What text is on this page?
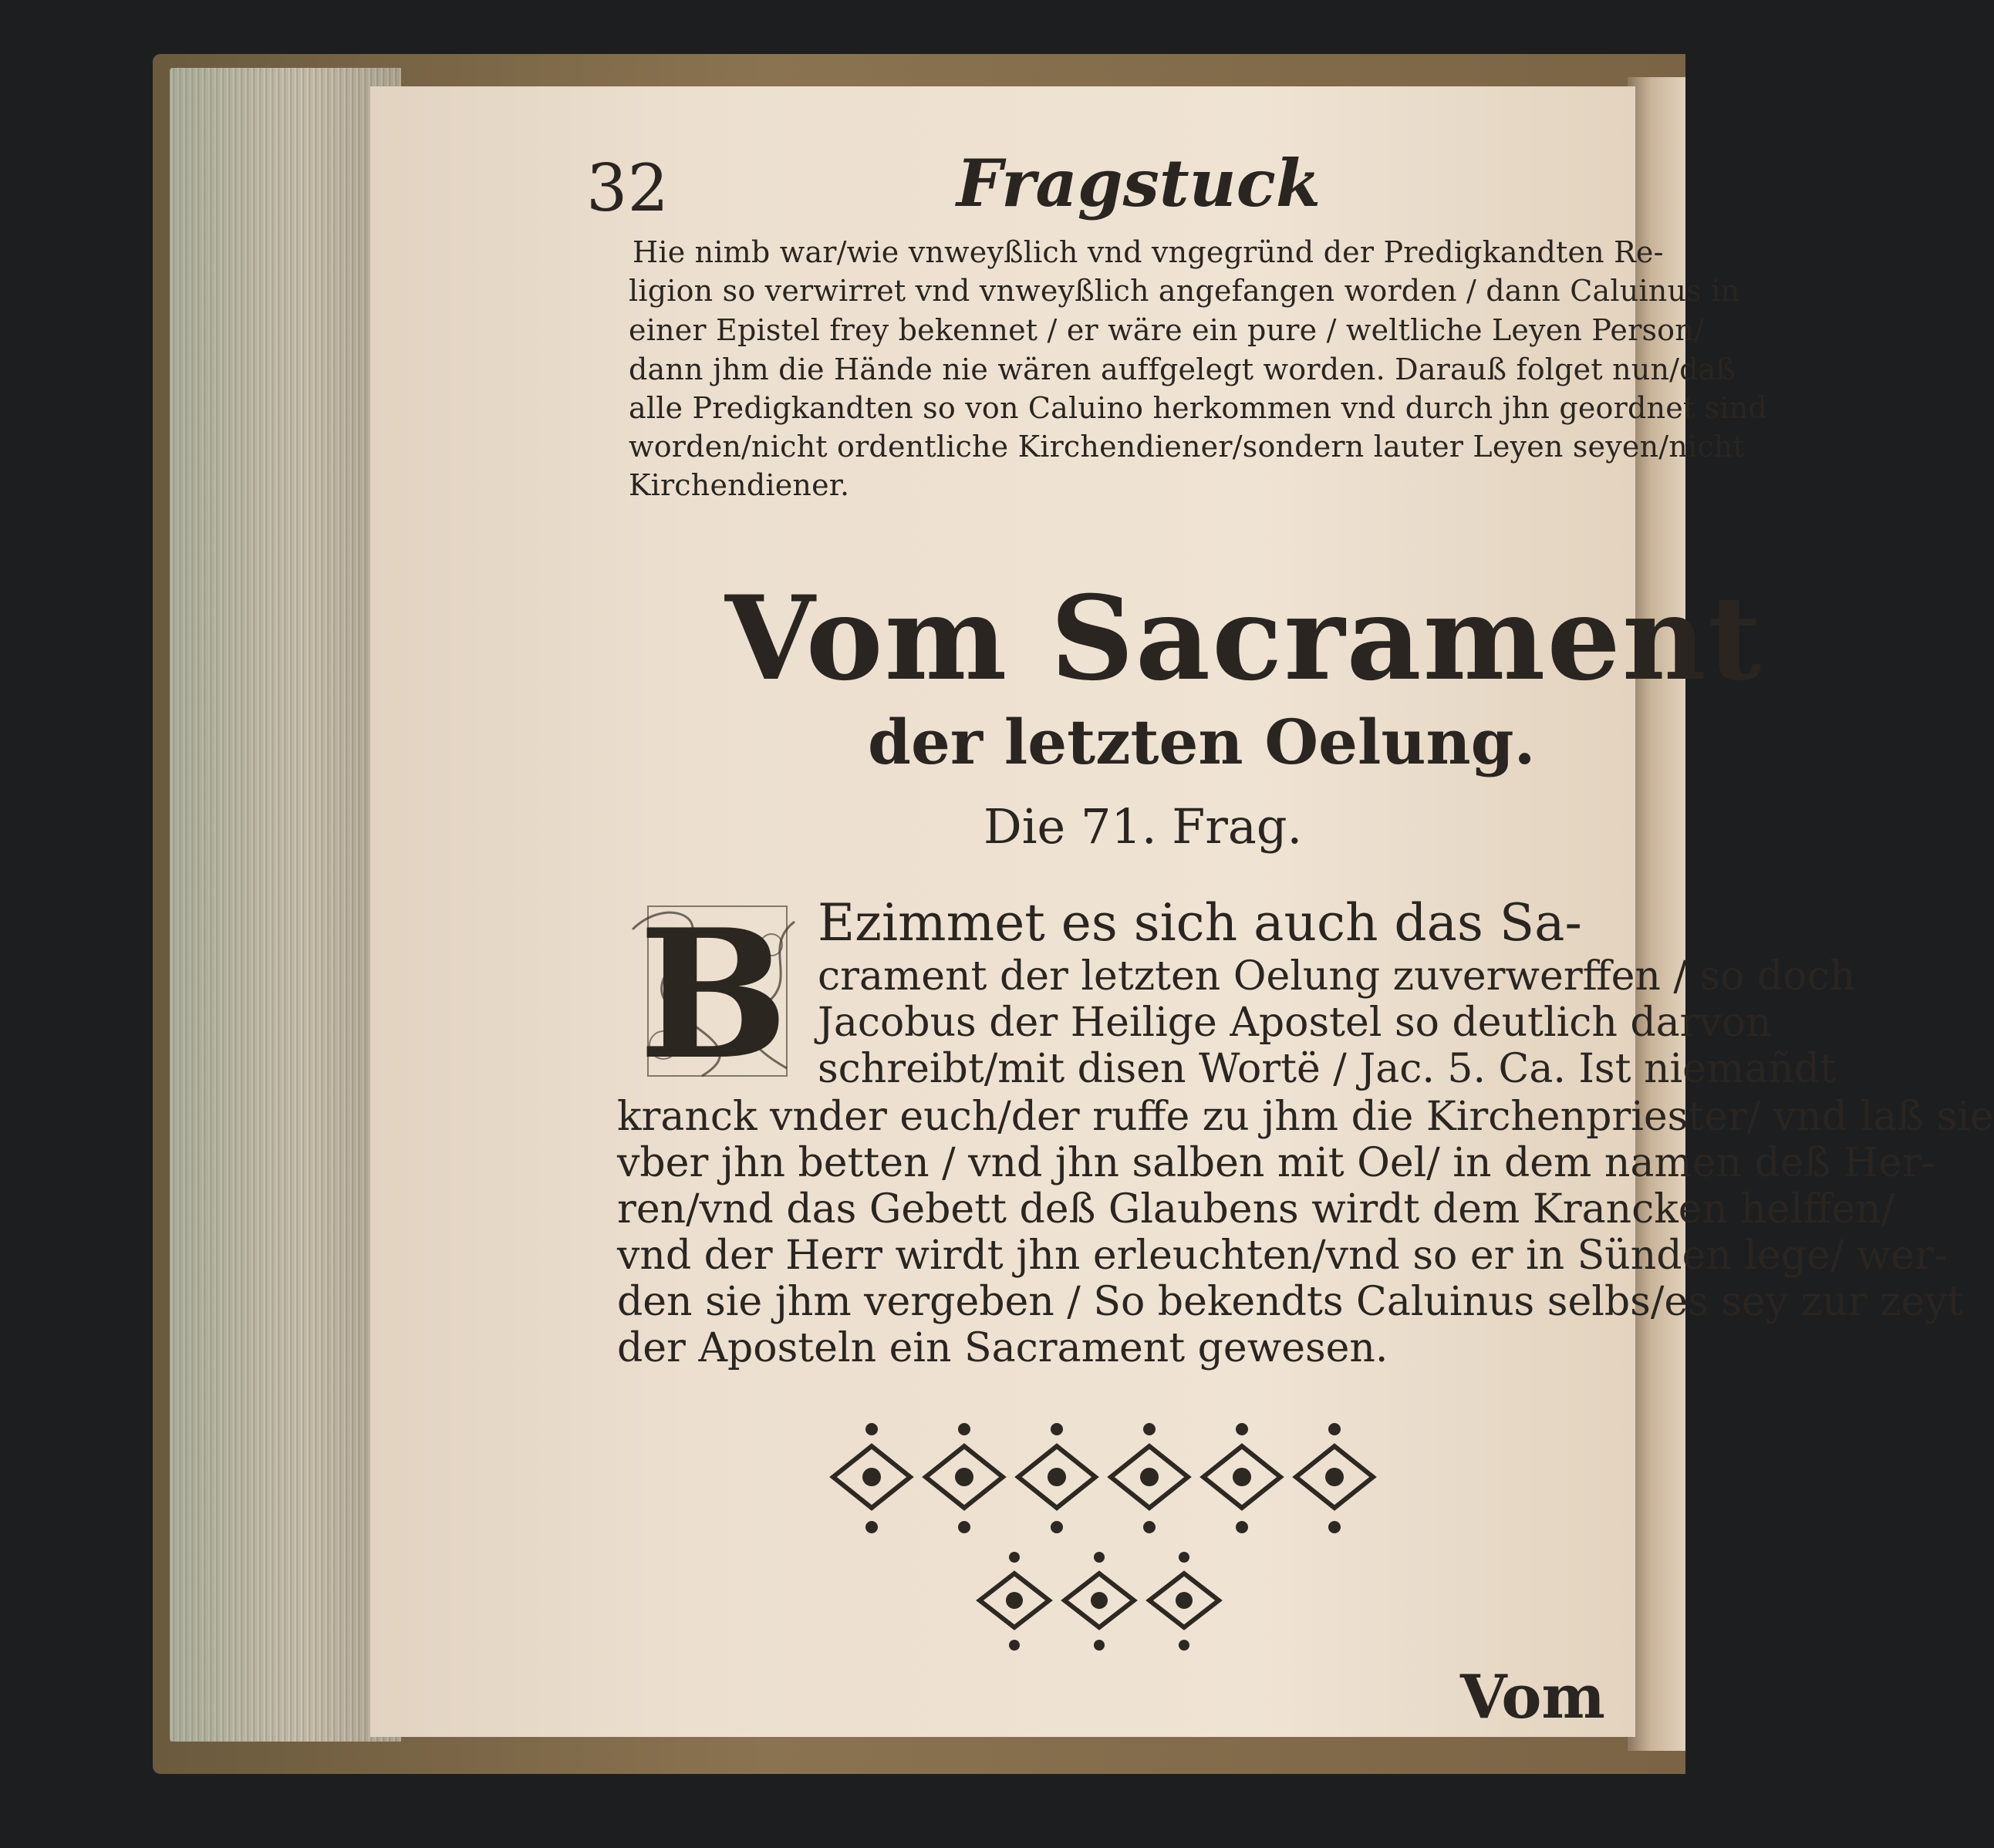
32	Fragstuck
Hie nimb war/wie vnweyßlich vnd vngegründ der Predigkandten Re-
ligion so verwirret vnd vnweyßlich angefangen worden / dann Caluinus in
einer Epistel frey bekennet / er wäre ein pure / weltliche Leyen Person/
dann jhm die Hände nie wären auffgelegt worden. Darauß folget nun/daß
alle Predigkandten so von Caluino herkommen vnd durch jhn geordnet sind
worden/nicht ordentliche Kirchendiener/sondern lauter Leyen seyen/nicht
Kirchendiener.
Vom Sacrament
der letzten Oelung.
Die 71. Frag.
B Ezimmet es sich auch das Sa-
crament der letzten Oelung zuverwerffen / so doch
Jacobus der Heilige Apostel so deutlich darvon
schreibt/mit disen Wortë / Jac. 5. Ca. Ist niemañdt
kranck vnder euch/der ruffe zu jhm die Kirchenpriester/ vnd laß sie
vber jhn betten / vnd jhn salben mit Oel/ in dem namen deß Her-
ren/vnd das Gebett deß Glaubens wirdt dem Krancken helffen/
vnd der Herr wirdt jhn erleuchten/vnd so er in Sünden lege/ wer-
den sie jhm vergeben / So bekendts Caluinus selbs/es sey zur zeyt
der Aposteln ein Sacrament gewesen.
Vom
